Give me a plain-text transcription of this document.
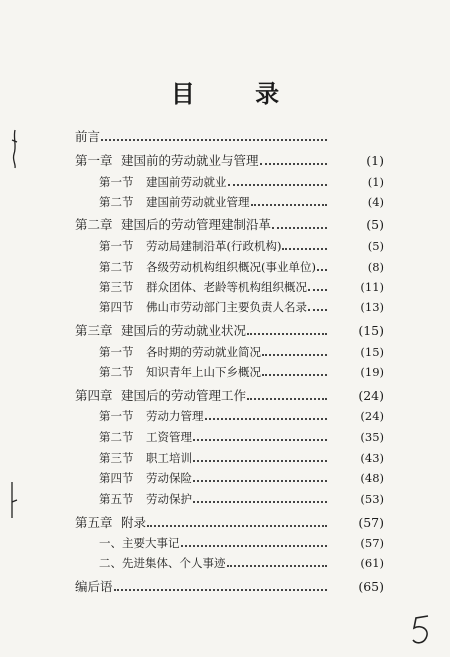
目 录
前言
第一章 建国前的劳动就业与管理	(1)
第一节	建国前劳动就业	(1)
第二节	建国前劳动就业管理	(4)
第二章 建国后的劳动管理建制沿革	(5)
第一节	劳动局建制沿革(行政机构)	(5)
第二节	各级劳动机构组织概况(事业单位)	(8)
第三节	群众团体、老龄等机构组织概况	(11)
第四节	佛山市劳动部门主要负责人名录	(13)
第三章 建国后的劳动就业状况	(15)
第一节	各时期的劳动就业简况	(15)
第二节	知识青年上山下乡概况	(19)
第四章 建国后的劳动管理工作	(24)
第一节	劳动力管理	(24)
第二节	工资管理	(35)
第三节	职工培训	(43)
第四节	劳动保险	(48)
第五节	劳动保护	(53)
第五章 附录	(57)
一、主要大事记	(57)
二、先进集体、个人事迹	(61)
编后语	(65)
